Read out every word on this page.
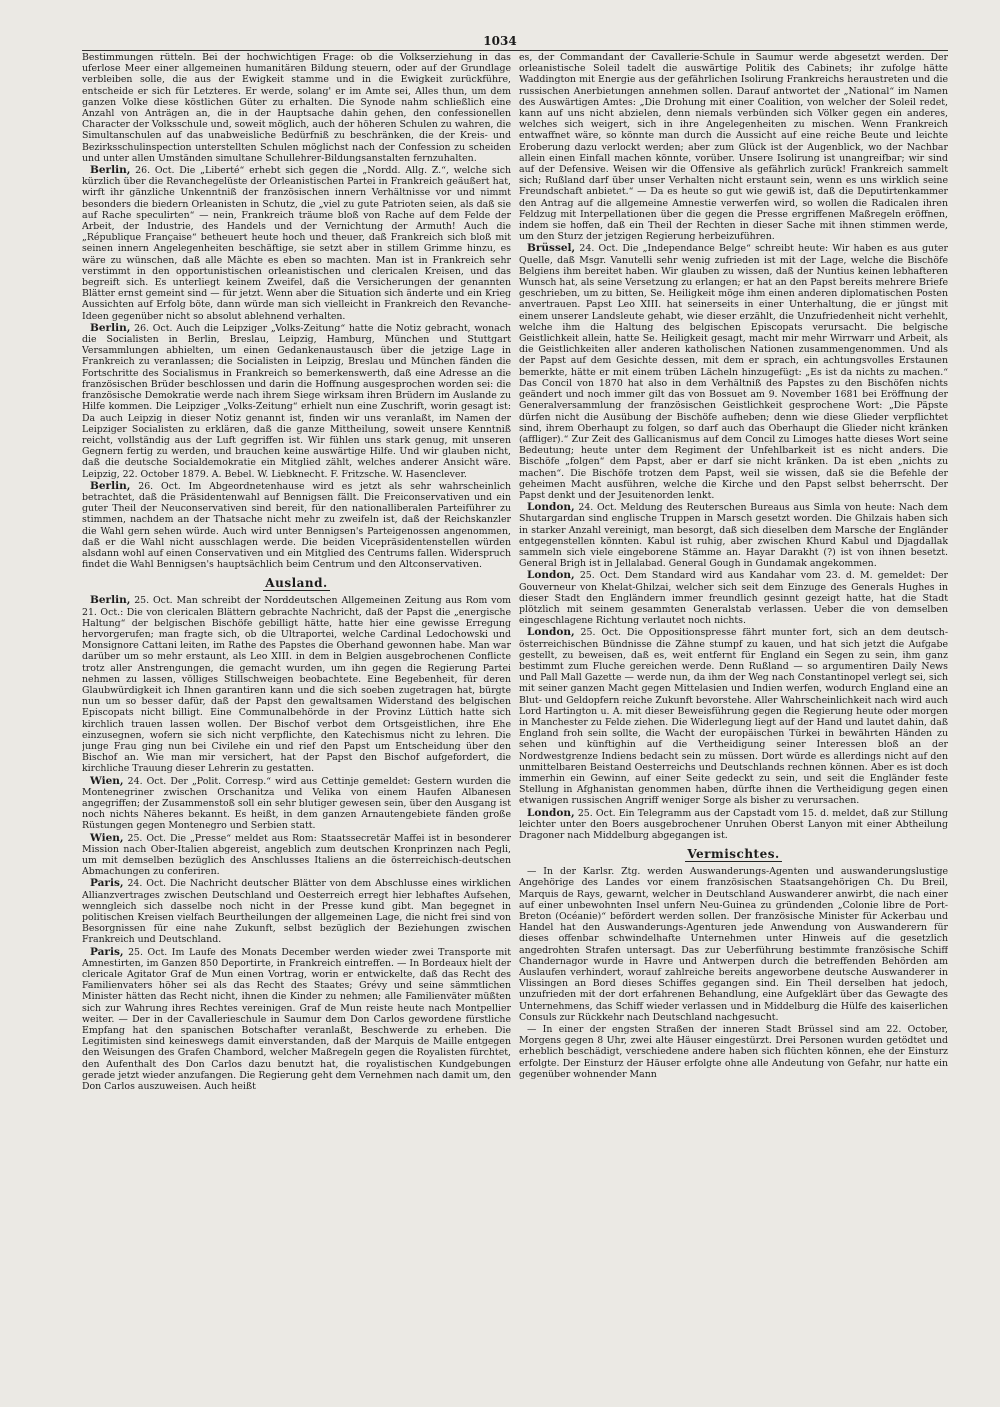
1034

Bestimmungen rütteln. Bei der hochwichtigen Frage: ob die Volkserziehung in das uferlose Meer einer allgemeinen humanitären Bildung steuern, oder auf der Grundlage verbleiben solle, die aus der Ewigkeit stamme und in die Ewigkeit zurückführe, entscheide er sich für Letzteres. Er werde, solang' er im Amte sei, Alles thun, um dem ganzen Volke diese köstlichen Güter zu erhalten. Die Synode nahm schließlich eine Anzahl von Anträgen an, die in der Hauptsache dahin gehen, den confessionellen Character der Volksschule und, soweit möglich, auch der höheren Schulen zu wahren, die Simultanschulen auf das unabweisliche Bedürfniß zu beschränken, die der Kreis- und Bezirksschulinspection unterstellten Schulen möglichst nach der Confession zu scheiden und unter allen Umständen simultane Schullehrer-Bildungsanstalten fernzuhalten.

Berlin, 26. Oct. Die „Liberté“ erhebt sich gegen die „Nordd. Allg. Z.“, welche sich kürzlich über die Revanchegelüste der Orleanistischen Partei in Frankreich geäußert hat, wirft ihr gänzliche Unkenntniß der französischen innern Verhältnisse vor und nimmt besonders die biedern Orleanisten in Schutz, die „viel zu gute Patrioten seien, als daß sie auf Rache speculirten“ — nein, Frankreich träume bloß von Rache auf dem Felde der Arbeit, der Industrie, des Handels und der Vernichtung der Armuth! Auch die „République Française“ betheuert heute hoch und theuer, daß Frankreich sich bloß mit seinen innern Angelegenheiten beschäftige, sie setzt aber in stillem Grimme hinzu, es wäre zu wünschen, daß alle Mächte es eben so machten. Man ist in Frankreich sehr verstimmt in den opportunistischen orleanistischen und clericalen Kreisen, und das begreift sich. Es unterliegt keinem Zweifel, daß die Versicherungen der genannten Blätter ernst gemeint sind — für jetzt. Wenn aber die Situation sich änderte und ein Krieg Aussichten auf Erfolg böte, dann würde man sich vielleicht in Frankreich den Revanche-Ideen gegenüber nicht so absolut ablehnend verhalten.

Berlin, 26. Oct. Auch die Leipziger „Volks-Zeitung“ hatte die Notiz gebracht, wonach die Socialisten in Berlin, Breslau, Leipzig, Hamburg, München und Stuttgart Versammlungen abhielten, um einen Gedankenaustausch über die jetzige Lage in Frankreich zu veranlassen; die Socialisten in Leipzig, Breslau und München fänden die Fortschritte des Socialismus in Frankreich so bemerkenswerth, daß eine Adresse an die französischen Brüder beschlossen und darin die Hoffnung ausgesprochen worden sei: die französische Demokratie werde nach ihrem Siege wirksam ihren Brüdern im Auslande zu Hilfe kommen. Die Leipziger „Volks-Zeitung“ erhielt nun eine Zuschrift, worin gesagt ist: Da auch Leipzig in dieser Notiz genannt ist, finden wir uns veranlaßt, im Namen der Leipziger Socialisten zu erklären, daß die ganze Mittheilung, soweit unsere Kenntniß reicht, vollständig aus der Luft gegriffen ist. Wir fühlen uns stark genug, mit unseren Gegnern fertig zu werden, und brauchen keine auswärtige Hilfe. Und wir glauben nicht, daß die deutsche Socialdemokratie ein Mitglied zählt, welches anderer Ansicht wäre. Leipzig, 22. October 1879. A. Bebel. W. Liebknecht. F. Fritzsche. W. Hasenclever.

Berlin, 26. Oct. Im Abgeordnetenhause wird es jetzt als sehr wahrscheinlich betrachtet, daß die Präsidentenwahl auf Bennigsen fällt. Die Freiconservativen und ein guter Theil der Neuconservativen sind bereit, für den nationalliberalen Parteiführer zu stimmen, nachdem an der Thatsache nicht mehr zu zweifeln ist, daß der Reichskanzler die Wahl gern sehen würde. Auch wird unter Bennigsen's Parteigenossen angenommen, daß er die Wahl nicht ausschlagen werde. Die beiden Vicepräsidentenstellen würden alsdann wohl auf einen Conservativen und ein Mitglied des Centrums fallen. Widerspruch findet die Wahl Bennigsen's hauptsächlich beim Centrum und den Altconservativen.

Ausland.

Berlin, 25. Oct. Man schreibt der Norddeutschen Allgemeinen Zeitung aus Rom vom 21. Oct.: Die von clericalen Blättern gebrachte Nachricht, daß der Papst die „energische Haltung“ der belgischen Bischöfe gebilligt hätte, hatte hier eine gewisse Erregung hervorgerufen; man fragte sich, ob die Ultraportei, welche Cardinal Ledochowski und Monsignore Cattani leiten, im Rathe des Papstes die Oberhand gewonnen habe. Man war darüber um so mehr erstaunt, als Leo XIII. in dem in Belgien ausgebrochenen Conflicte trotz aller Anstrengungen, die gemacht wurden, um ihn gegen die Regierung Partei nehmen zu lassen, völliges Stillschweigen beobachtete. Eine Begebenheit, für deren Glaubwürdigkeit ich Ihnen garantiren kann und die sich soeben zugetragen hat, bürgte nun um so besser dafür, daß der Papst den gewaltsamen Widerstand des belgischen Episcopats nicht billigt. Eine Communalbehörde in der Provinz Lüttich hatte sich kirchlich trauen lassen wollen. Der Bischof verbot dem Ortsgeistlichen, ihre Ehe einzusegnen, wofern sie sich nicht verpflichte, den Katechismus nicht zu lehren. Die junge Frau ging nun bei Civilehe ein und rief den Papst um Entscheidung über den Bischof an. Wie man mir versichert, hat der Papst den Bischof aufgefordert, die kirchliche Trauung dieser Lehrerin zu gestatten.

Wien, 24. Oct. Der „Polit. Corresp.“ wird aus Cettinje gemeldet: Gestern wurden die Montenegriner zwischen Orschanitza und Velika von einem Haufen Albanesen angegriffen; der Zusammenstoß soll ein sehr blutiger gewesen sein, über den Ausgang ist noch nichts Näheres bekannt. Es heißt, in dem ganzen Arnautengebiete fänden große Rüstungen gegen Montenegro und Serbien statt.

Wien, 25. Oct. Die „Presse“ meldet aus Rom: Staatssecretär Maffei ist in besonderer Mission nach Ober-Italien abgereist, angeblich zum deutschen Kronprinzen nach Pegli, um mit demselben bezüglich des Anschlusses Italiens an die österreichisch-deutschen Abmachungen zu conferiren.

Paris, 24. Oct. Die Nachricht deutscher Blätter von dem Abschlusse eines wirklichen Allianzvertrages zwischen Deutschland und Oesterreich erregt hier lebhaftes Aufsehen, wenngleich sich dasselbe noch nicht in der Presse kund gibt. Man begegnet in politischen Kreisen vielfach Beurtheilungen der allgemeinen Lage, die nicht frei sind von Besorgnissen für eine nahe Zukunft, selbst bezüglich der Beziehungen zwischen Frankreich und Deutschland.

Paris, 25. Oct. Im Laufe des Monats December werden wieder zwei Transporte mit Amnestirten, im Ganzen 850 Deportirte, in Frankreich eintreffen. — In Bordeaux hielt der clericale Agitator Graf de Mun einen Vortrag, worin er entwickelte, daß das Recht des Familienvaters höher sei als das Recht des Staates; Grévy und seine sämmtlichen Minister hätten das Recht nicht, ihnen die Kinder zu nehmen; alle Familienväter müßten sich zur Wahrung ihres Rechtes vereinigen. Graf de Mun reiste heute nach Montpellier weiter. — Der in der Cavallerieschule in Saumur dem Don Carlos gewordene fürstliche Empfang hat den spanischen Botschafter veranlaßt, Beschwerde zu erheben. Die Legitimisten sind keineswegs damit einverstanden, daß der Marquis de Maille entgegen den Weisungen des Grafen Chambord, welcher Maßregeln gegen die Royalisten fürchtet, den Aufenthalt des Don Carlos dazu benutzt hat, die royalistischen Kundgebungen gerade jetzt wieder anzufangen. Die Regierung geht dem Vernehmen nach damit um, den Don Carlos auszuweisen. Auch heißt

es, der Commandant der Cavallerie-Schule in Saumur werde abgesetzt werden. Der orleanistische Soleil tadelt die auswärtige Politik des Cabinets; ihr zufolge hätte Waddington mit Energie aus der gefährlichen Isolirung Frankreichs heraustreten und die russischen Anerbietungen annehmen sollen. Darauf antwortet der „National“ im Namen des Auswärtigen Amtes: „Die Drohung mit einer Coalition, von welcher der Soleil redet, kann auf uns nicht abzielen, denn niemals verbünden sich Völker gegen ein anderes, welches sich weigert, sich in ihre Angelegenheiten zu mischen. Wenn Frankreich entwaffnet wäre, so könnte man durch die Aussicht auf eine reiche Beute und leichte Eroberung dazu verlockt werden; aber zum Glück ist der Augenblick, wo der Nachbar allein einen Einfall machen könnte, vorüber. Unsere Isolirung ist unangreifbar; wir sind auf der Defensive. Weisen wir die Offensive als gefährlich zurück! Frankreich sammelt sich; Rußland darf über unser Verhalten nicht erstaunt sein, wenn es uns wirklich seine Freundschaft anbietet.“ — Da es heute so gut wie gewiß ist, daß die Deputirtenkammer den Antrag auf die allgemeine Amnestie verwerfen wird, so wollen die Radicalen ihren Feldzug mit Interpellationen über die gegen die Presse ergriffenen Maßregeln eröffnen, indem sie hoffen, daß ein Theil der Rechten in dieser Sache mit ihnen stimmen werde, um den Sturz der jetzigen Regierung herbeizuführen.

Brüssel, 24. Oct. Die „Independance Belge“ schreibt heute: Wir haben es aus guter Quelle, daß Msgr. Vanutelli sehr wenig zufrieden ist mit der Lage, welche die Bischöfe Belgiens ihm bereitet haben. Wir glauben zu wissen, daß der Nuntius keinen lebhafteren Wunsch hat, als seine Versetzung zu erlangen; er hat an den Papst bereits mehrere Briefe geschrieben, um zu bitten, Se. Heiligkeit möge ihm einen anderen diplomatischen Posten anvertrauen. Papst Leo XIII. hat seinerseits in einer Unterhaltung, die er jüngst mit einem unserer Landsleute gehabt, wie dieser erzählt, die Unzufriedenheit nicht verhehlt, welche ihm die Haltung des belgischen Episcopats verursacht. Die belgische Geistlichkeit allein, hatte Se. Heiligkeit gesagt, macht mir mehr Wirrwarr und Arbeit, als die Geistlichkeiten aller anderen katholischen Nationen zusammengenommen. Und als der Papst auf dem Gesichte dessen, mit dem er sprach, ein achtungsvolles Erstaunen bemerkte, hätte er mit einem trüben Lächeln hinzugefügt: „Es ist da nichts zu machen.“ Das Concil von 1870 hat also in dem Verhältniß des Papstes zu den Bischöfen nichts geändert und noch immer gilt das von Bossuet am 9. November 1681 bei Eröffnung der Generalversammlung der französischen Geistlichkeit gesprochene Wort: „Die Päpste dürfen nicht die Ausübung der Bischöfe aufheben; denn wie diese Glieder verpflichtet sind, ihrem Oberhaupt zu folgen, so darf auch das Oberhaupt die Glieder nicht kränken (affliger).“ Zur Zeit des Gallicanismus auf dem Concil zu Limoges hatte dieses Wort seine Bedeutung; heute unter dem Regiment der Unfehlbarkeit ist es nicht anders. Die Bischöfe „folgen“ dem Papst, aber er darf sie nicht kränken. Da ist eben „nichts zu machen“. Die Bischöfe trotzen dem Papst, weil sie wissen, daß sie die Befehle der geheimen Macht ausführen, welche die Kirche und den Papst selbst beherrscht. Der Papst denkt und der Jesuitenorden lenkt.

London, 24. Oct. Meldung des Reuterschen Bureaus aus Simla von heute: Nach dem Shutargardan sind englische Truppen in Marsch gesetzt worden. Die Ghilzais haben sich in starker Anzahl vereinigt, man besorgt, daß sich dieselben dem Marsche der Engländer entgegenstellen könnten. Kabul ist ruhig, aber zwischen Khurd Kabul und Djagdallak sammeln sich viele eingeborene Stämme an. Hayar Darakht (?) ist von ihnen besetzt. General Brigh ist in Jellalabad. General Gough in Gundamak angekommen.

London, 25. Oct. Dem Standard wird aus Kandahar vom 23. d. M. gemeldet: Der Gouverneur von Khelat-Ghilzai, welcher sich seit dem Einzuge des Generals Hughes in dieser Stadt den Engländern immer freundlich gesinnt gezeigt hatte, hat die Stadt plötzlich mit seinem gesammten Generalstab verlassen. Ueber die von demselben eingeschlagene Richtung verlautet noch nichts.

London, 25. Oct. Die Oppositionspresse fährt munter fort, sich an dem deutsch-österreichischen Bündnisse die Zähne stumpf zu kauen, und hat sich jetzt die Aufgabe gestellt, zu beweisen, daß es, weit entfernt für England ein Segen zu sein, ihm ganz bestimmt zum Fluche gereichen werde. Denn Rußland — so argumentiren Daily News und Pall Mall Gazette — werde nun, da ihm der Weg nach Constantinopel verlegt sei, sich mit seiner ganzen Macht gegen Mittelasien und Indien werfen, wodurch England eine an Blut- und Geldopfern reiche Zukunft bevorstehe. Aller Wahrscheinlichkeit nach wird auch Lord Hartington u. A. mit dieser Beweisführung gegen die Regierung heute oder morgen in Manchester zu Felde ziehen. Die Widerlegung liegt auf der Hand und lautet dahin, daß England froh sein sollte, die Wacht der europäischen Türkei in bewährten Händen zu sehen und künftighin auf die Vertheidigung seiner Interessen bloß an der Nordwestgrenze Indiens bedacht sein zu müssen. Dort würde es allerdings nicht auf den unmittelbaren Beistand Oesterreichs und Deutschlands rechnen können. Aber es ist doch immerhin ein Gewinn, auf einer Seite gedeckt zu sein, und seit die Engländer feste Stellung in Afghanistan genommen haben, dürfte ihnen die Vertheidigung gegen einen etwanigen russischen Angriff weniger Sorge als bisher zu verursachen.

London, 25. Oct. Ein Telegramm aus der Capstadt vom 15. d. meldet, daß zur Stillung leichter unter den Boers ausgebrochener Unruhen Oberst Lanyon mit einer Abtheilung Dragoner nach Middelburg abgegangen ist.

Vermischtes.

— In der Karlsr. Ztg. werden Auswanderungs-Agenten und auswanderungslustige Angehörige des Landes vor einem französischen Staatsangehörigen Ch. Du Breil, Marquis de Rays, gewarnt, welcher in Deutschland Auswanderer anwirbt, die nach einer auf einer unbewohnten Insel unfern Neu-Guinea zu gründenden „Colonie libre de Port-Breton (Océanie)“ befördert werden sollen. Der französische Minister für Ackerbau und Handel hat den Auswanderungs-Agenturen jede Anwendung von Auswanderern für dieses offenbar schwindelhafte Unternehmen unter Hinweis auf die gesetzlich angedrohten Strafen untersagt. Das zur Ueberführung bestimmte französische Schiff Chandernagor wurde in Havre und Antwerpen durch die betreffenden Behörden am Auslaufen verhindert, worauf zahlreiche bereits angeworbene deutsche Auswanderer in Vlissingen an Bord dieses Schiffes gegangen sind. Ein Theil derselben hat jedoch, unzufrieden mit der dort erfahrenen Behandlung, eine Aufgeklärt über das Gewagte des Unternehmens, das Schiff wieder verlassen und in Middelburg die Hülfe des kaiserlichen Consuls zur Rückkehr nach Deutschland nachgesucht.

— In einer der engsten Straßen der inneren Stadt Brüssel sind am 22. October, Morgens gegen 8 Uhr, zwei alte Häuser eingestürzt. Drei Personen wurden getödtet und erheblich beschädigt, verschiedene andere haben sich flüchten können, ehe der Einsturz erfolgte. Der Einsturz der Häuser erfolgte ohne alle Andeutung von Gefahr, nur hatte ein gegenüber wohnender Mann
